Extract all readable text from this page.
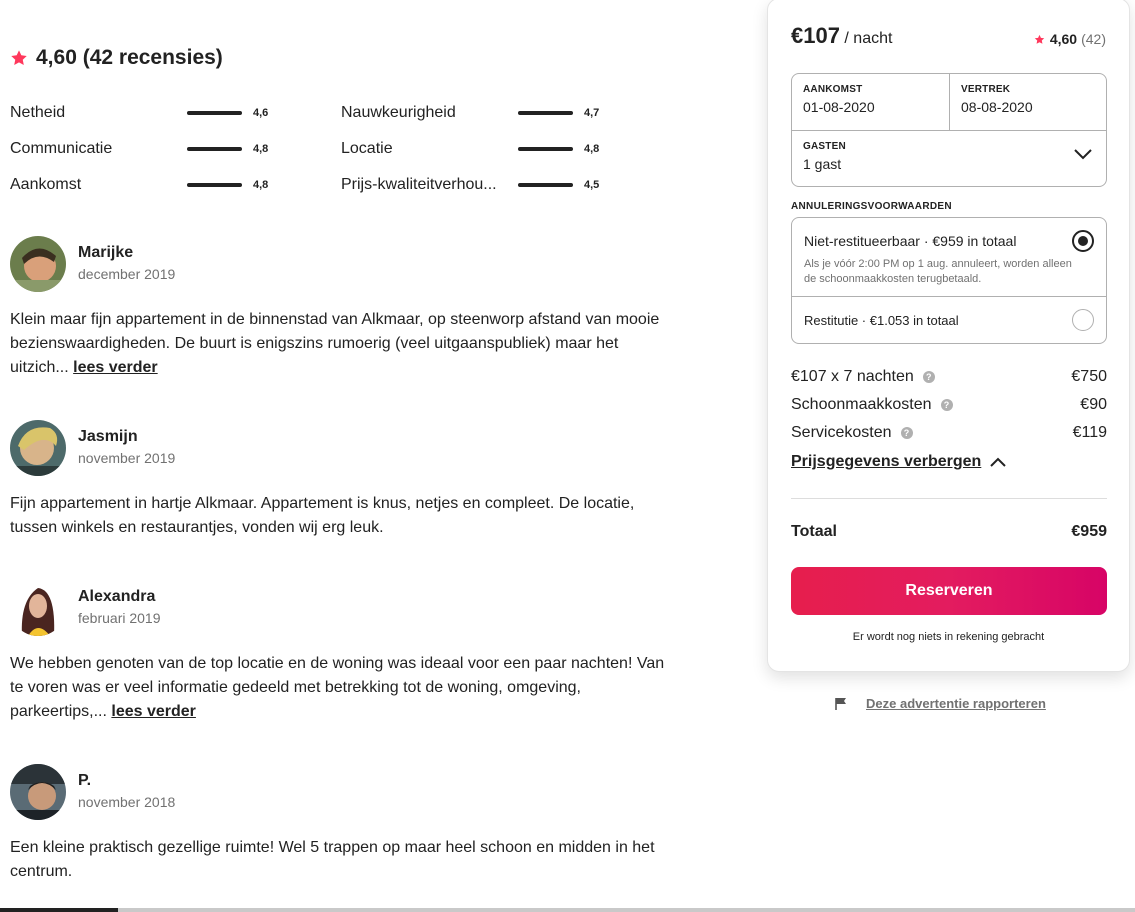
4,60 (42 recensies)
Netheid	4,6	Nauwkeurigheid	4,7
Communicatie	4,8	Locatie	4,8
Aankomst	4,8	Prijs-kwaliteitverhou...	4,5
Marijke
december 2019
Klein maar fijn appartement in de binnenstad van Alkmaar, op steenworp afstand van mooie bezienswaardigheden. De buurt is enigszins rumoerig (veel uitgaanspubliek) maar het uitzich... lees verder
Jasmijn
november 2019
Fijn appartement in hartje Alkmaar. Appartement is knus, netjes en compleet. De locatie, tussen winkels en restaurantjes, vonden wij erg leuk.
Alexandra
februari 2019
We hebben genoten van de top locatie en de woning was ideaal voor een paar nachten! Van te voren was er veel informatie gedeeld met betrekking tot de woning, omgeving, parkeertips,... lees verder
P.
november 2018
Een kleine praktisch gezellige ruimte! Wel 5 trappen op maar heel schoon en midden in het centrum.
€107 / nacht	4,60 (42)
AANKOMST
01-08-2020
VERTREK
08-08-2020
GASTEN
1 gast
ANNULERINGSVOORWAARDEN
Niet-restitueerbaar · €959 in totaal
Als je vóór 2:00 PM op 1 aug. annuleert, worden alleen de schoonmaakkosten terugbetaald.
Restitutie · €1.053 in totaal
€107 x 7 nachten	?	€750
Schoonmaakkosten	?	€90
Servicekosten	?	€119
Prijsgegevens verbergen
Totaal	€959
Reserveren
Er wordt nog niets in rekening gebracht
Deze advertentie rapporteren
